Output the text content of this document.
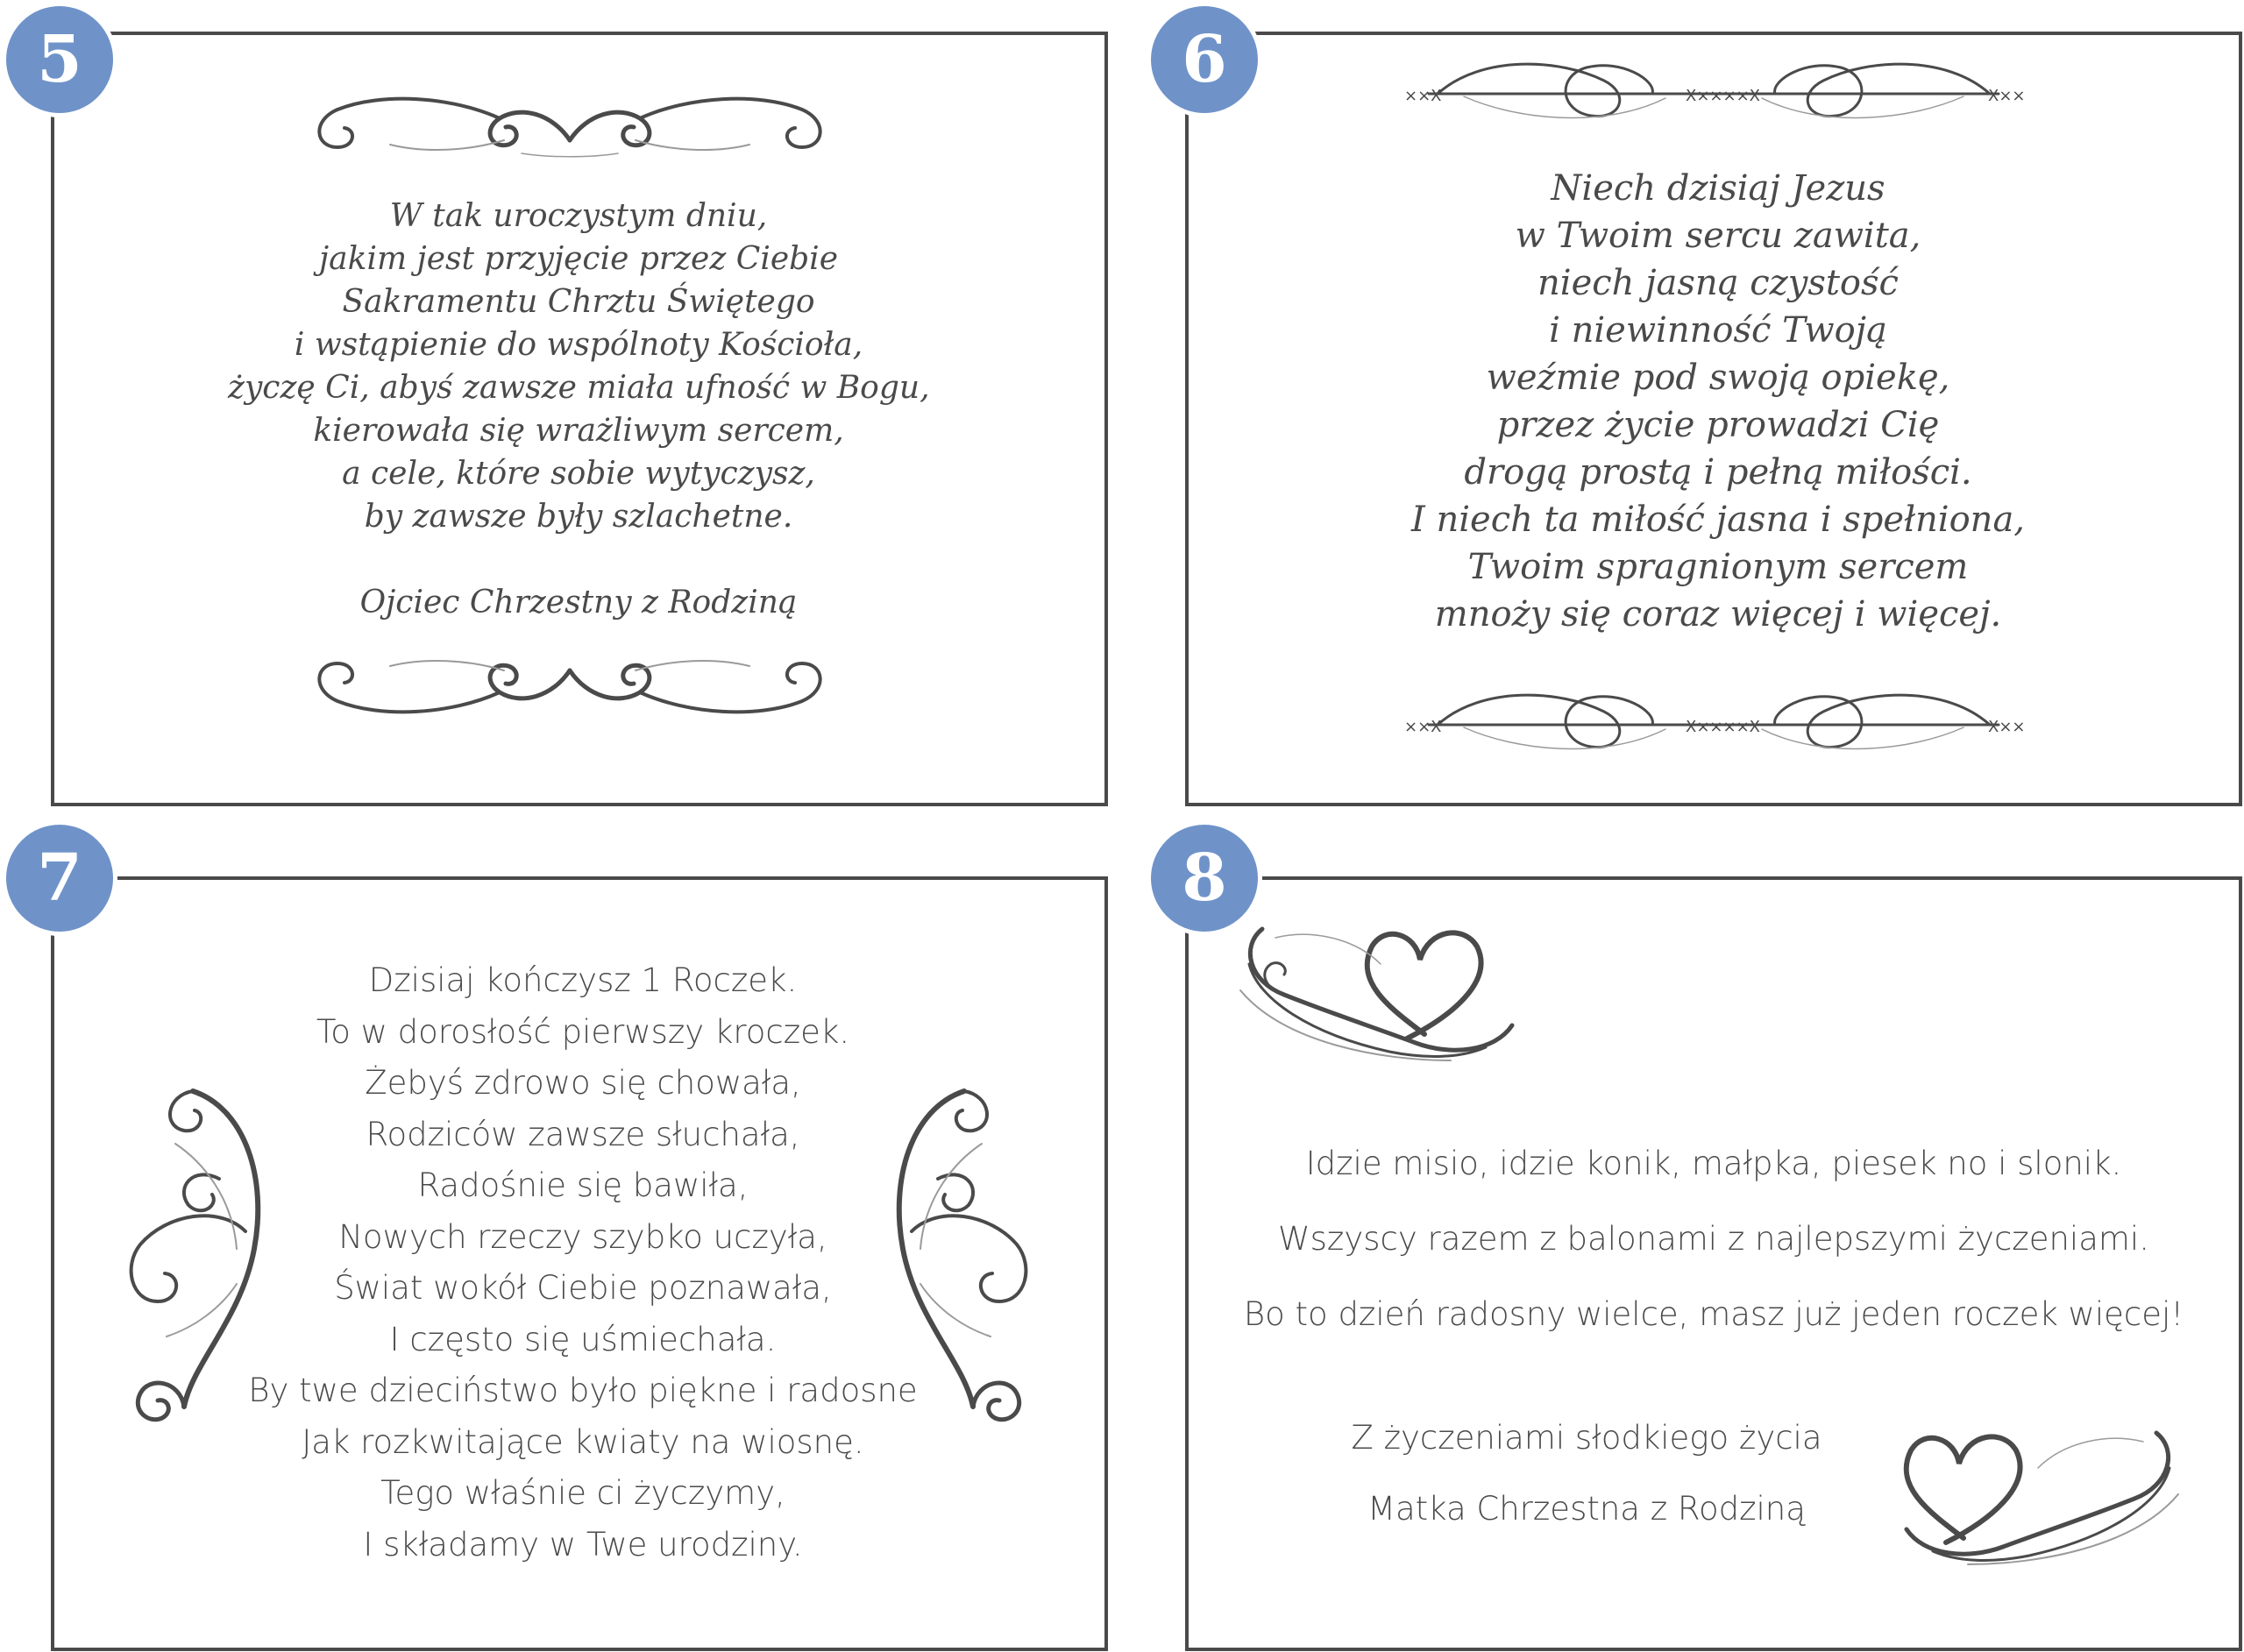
5
W tak uroczystym dniu,
jakim jest przyjęcie przez Ciebie
Sakramentu Chrztu Świętego
i wstąpienie do wspólnoty Kościoła,
życzę Ci, abyś zawsze miała ufność w Bogu,
kierowała się wrażliwym sercem,
a cele, które sobie wytyczysz,
by zawsze były szlachetne.
Ojciec Chrzestny z Rodziną
6	××X	X××××X	X××
Niech dzisiaj Jezus
w Twoim sercu zawita,
niech jasną czystość
i niewinność Twoją
weźmie pod swoją opiekę,
przez życie prowadzi Cię
drogą prostą i pełną miłości.
I niech ta miłość jasna i spełniona,
Twoim spragnionym sercem
mnoży się coraz więcej i więcej.
××X	X××××X	X××
7
Dzisiaj kończysz 1 Roczek.
To w dorosłość pierwszy kroczek.
Żebyś zdrowo się chowała,
Rodziców zawsze słuchała,
Radośnie się bawiła,
Nowych rzeczy szybko uczyła,
Świat wokół Ciebie poznawała,
I często się uśmiechała.
By twe dzieciństwo było piękne i radosne
Jak rozkwitające kwiaty na wiosnę.
Tego właśnie ci życzymy,
I składamy w Twe urodziny.
8
Idzie misio, idzie konik, małpka, piesek no i slonik.
Wszyscy razem z balonami z najlepszymi życzeniami.
Bo to dzień radosny wielce, masz już jeden roczek więcej!
Z życzeniami słodkiego życia
Matka Chrzestna z Rodziną
